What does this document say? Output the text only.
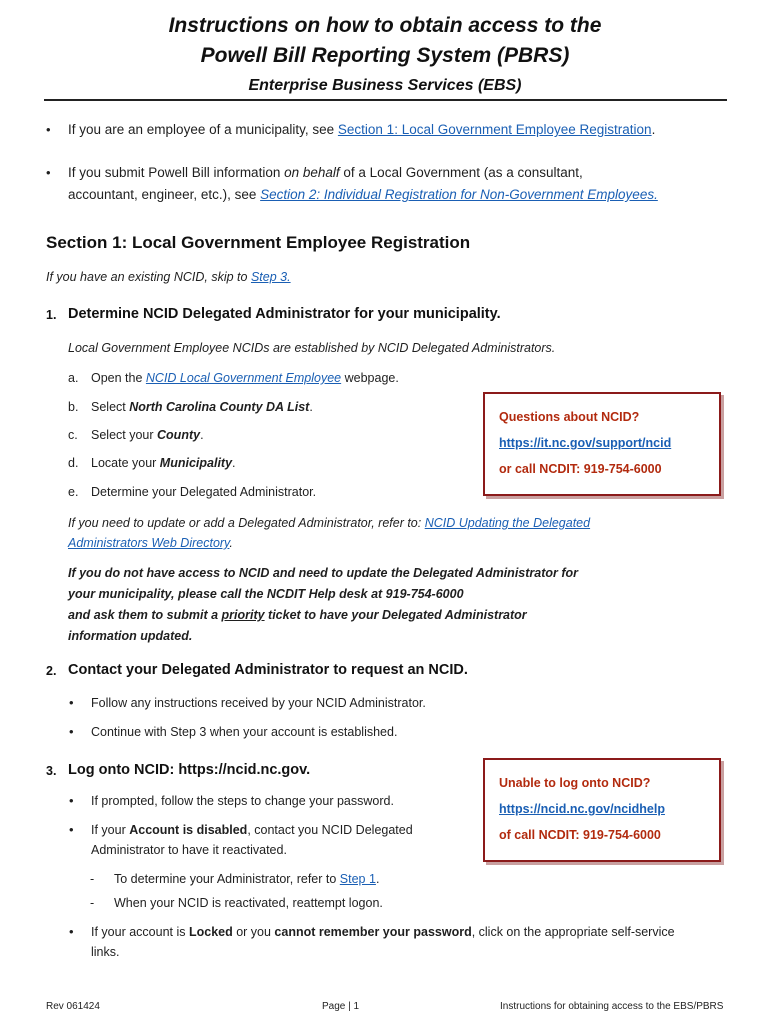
Instructions on how to obtain access to the
Powell Bill Reporting System (PBRS)
Enterprise Business Services (EBS)
• If you are an employee of a municipality, see Section 1: Local Government Employee Registration.
• If you submit Powell Bill information on behalf of a Local Government (as a consultant,
accountant, engineer, etc.), see Section 2: Individual Registration for Non-Government Employees.
Section 1: Local Government Employee Registration
If you have an existing NCID, skip to Step 3.
1. Determine NCID Delegated Administrator for your municipality.
Local Government Employee NCIDs are established by NCID Delegated Administrators.
a. Open the NCID Local Government Employee webpage.
b. Select North Carolina County DA List.
c. Select your County.
d. Locate your Municipality.
e. Determine your Delegated Administrator.
Questions about NCID?
https://it.nc.gov/support/ncid
or call NCDIT: 919-754-6000
If you need to update or add a Delegated Administrator, refer to: NCID Updating the Delegated
Administrators Web Directory.
If you do not have access to NCID and need to update the Delegated Administrator for
your municipality, please call the NCDIT Help desk at 919-754-6000
and ask them to submit a priority ticket to have your Delegated Administrator
information updated.
2. Contact your Delegated Administrator to request an NCID.
• Follow any instructions received by your NCID Administrator.
• Continue with Step 3 when your account is established.
3. Log onto NCID: https://ncid.nc.gov.
• If prompted, follow the steps to change your password.
• If your Account is disabled, contact you NCID Delegated
Administrator to have it reactivated.
- To determine your Administrator, refer to Step 1.
- When your NCID is reactivated, reattempt logon.
• If your account is Locked or you cannot remember your password, click on the appropriate self-service
links.
Unable to log onto NCID?
https://ncid.nc.gov/ncidhelp
of call NCDIT: 919-754-6000
Rev 061424	Page | 1	Instructions for obtaining access to the EBS/PBRS
